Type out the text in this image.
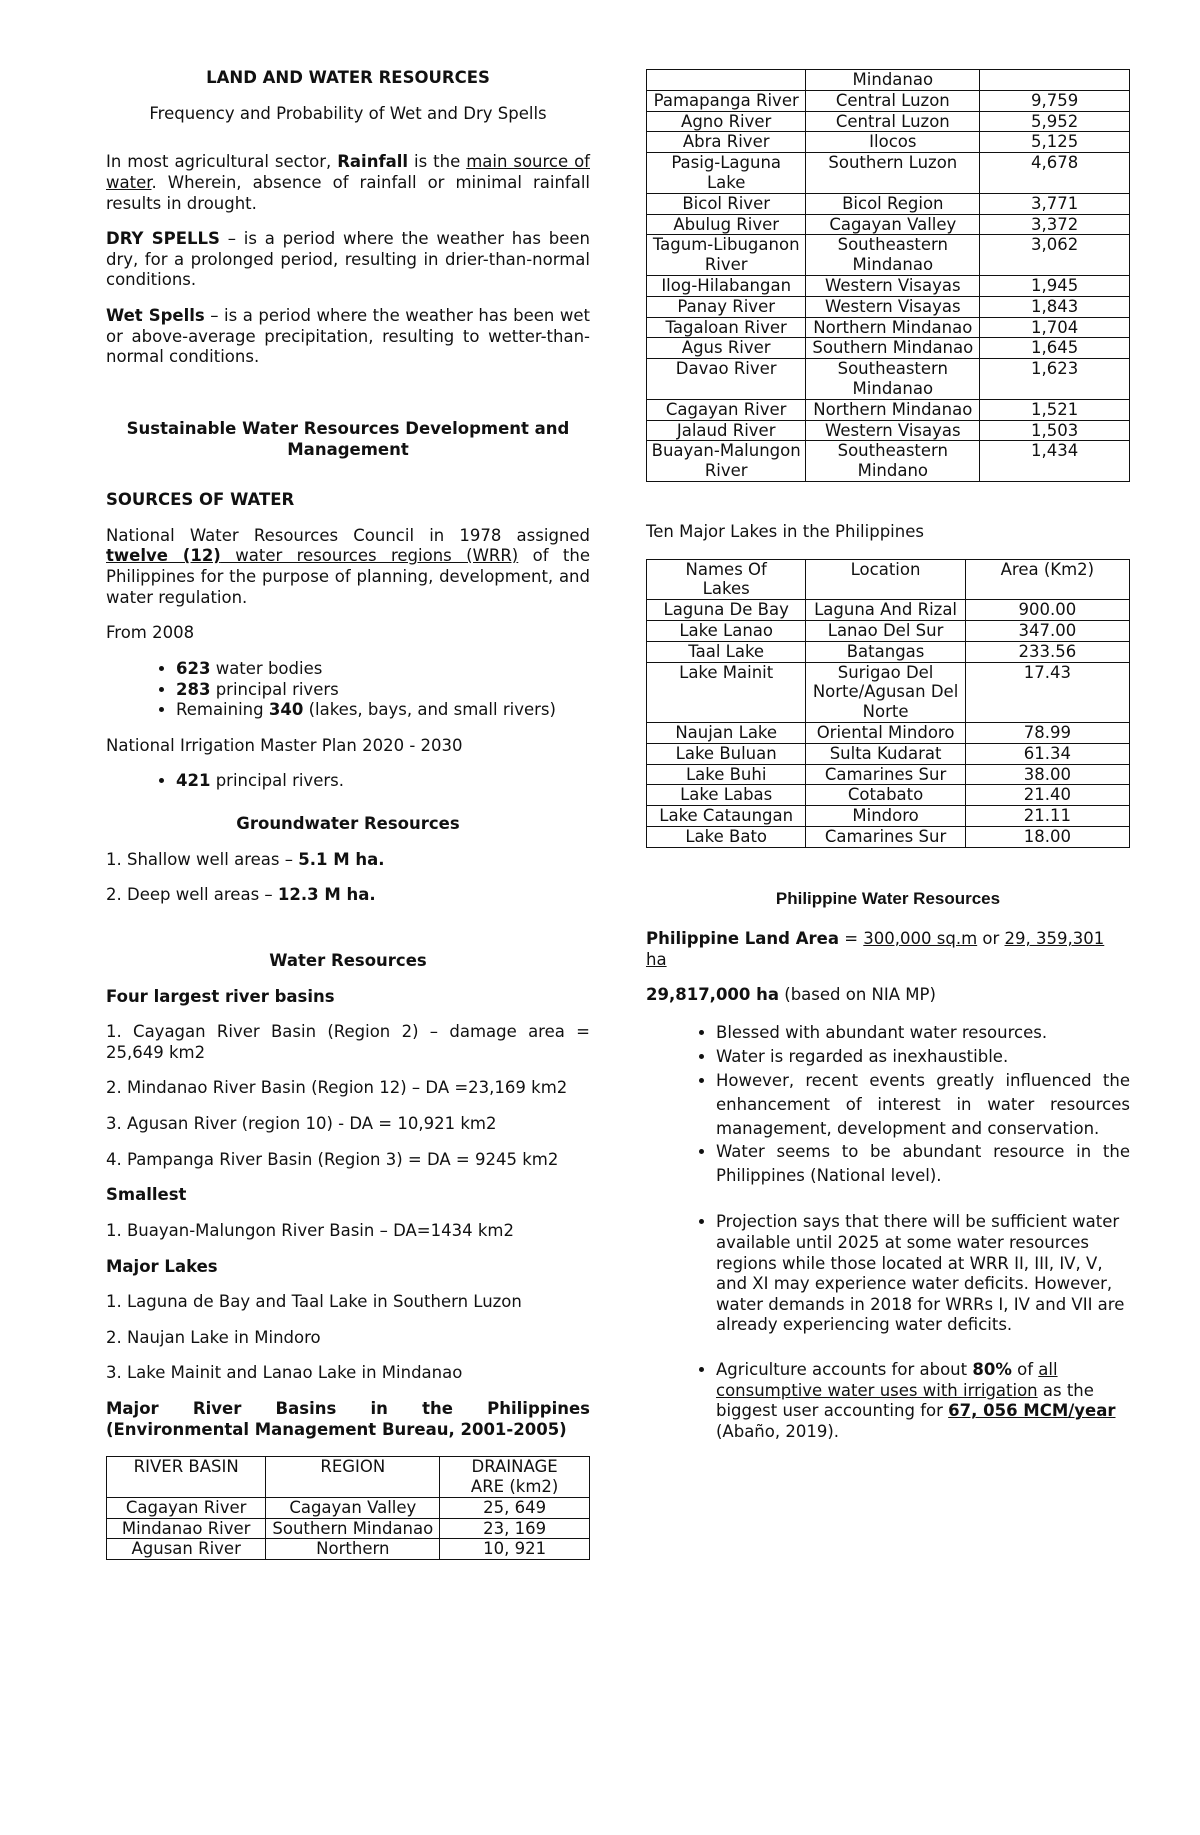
LAND AND WATER RESOURCES

Frequency and Probability of Wet and Dry Spells

In most agricultural sector, Rainfall is the main source of water. Wherein, absence of rainfall or minimal rainfall results in drought.

DRY SPELLS – is a period where the weather has been dry, for a prolonged period, resulting in drier-than-normal conditions.

Wet Spells – is a period where the weather has been wet or above-average precipitation, resulting to wetter-than-normal conditions.

Sustainable Water Resources Development and Management

SOURCES OF WATER

National Water Resources Council in 1978 assigned twelve (12) water resources regions (WRR) of the Philippines for the purpose of planning, development, and water regulation.

From 2008

• 623 water bodies
• 283 principal rivers
• Remaining 340 (lakes, bays, and small rivers)

National Irrigation Master Plan 2020 - 2030

• 421 principal rivers.

Groundwater Resources

1. Shallow well areas – 5.1 M ha.

2. Deep well areas – 12.3 M ha.

Water Resources

Four largest river basins

1. Cayagan River Basin (Region 2) – damage area = 25,649 km2

2. Mindanao River Basin (Region 12) – DA =23,169 km2

3. Agusan River (region 10) - DA = 10,921 km2

4. Pampanga River Basin (Region 3) = DA = 9245 km2

Smallest

1. Buayan-Malungon River Basin – DA=1434 km2

Major Lakes

1. Laguna de Bay and Taal Lake in Southern Luzon

2. Naujan Lake in Mindoro

3. Lake Mainit and Lanao Lake in Mindanao

Major River Basins in the Philippines (Environmental Management Bureau, 2001-2005)

RIVER BASIN	REGION	DRAINAGE ARE (km2)
Cagayan River	Cagayan Valley	25, 649
Mindanao River	Southern Mindanao	23, 169
Agusan River	Northern	10, 921
	Mindanao	
Pamapanga River	Central Luzon	9,759
Agno River	Central Luzon	5,952
Abra River	Ilocos	5,125
Pasig-Laguna Lake	Southern Luzon	4,678
Bicol River	Bicol Region	3,771
Abulug River	Cagayan Valley	3,372
Tagum-Libuganon River	Southeastern Mindanao	3,062
Ilog-Hilabangan	Western Visayas	1,945
Panay River	Western Visayas	1,843
Tagaloan River	Northern Mindanao	1,704
Agus River	Southern Mindanao	1,645
Davao River	Southeastern Mindanao	1,623
Cagayan River	Northern Mindanao	1,521
Jalaud River	Western Visayas	1,503
Buayan-Malungon River	Southeastern Mindano	1,434

Ten Major Lakes in the Philippines

Names Of Lakes	Location	Area (Km2)
Laguna De Bay	Laguna And Rizal	900.00
Lake Lanao	Lanao Del Sur	347.00
Taal Lake	Batangas	233.56
Lake Mainit	Surigao Del Norte/Agusan Del Norte	17.43
Naujan Lake	Oriental Mindoro	78.99
Lake Buluan	Sulta Kudarat	61.34
Lake Buhi	Camarines Sur	38.00
Lake Labas	Cotabato	21.40
Lake Cataungan	Mindoro	21.11
Lake Bato	Camarines Sur	18.00

Philippine Water Resources

Philippine Land Area = 300,000 sq.m or 29, 359,301 ha

29,817,000 ha (based on NIA MP)

• Blessed with abundant water resources.
• Water is regarded as inexhaustible.
• However, recent events greatly influenced the enhancement of interest in water resources management, development and conservation.
• Water seems to be abundant resource in the Philippines (National level).
• Projection says that there will be sufficient water available until 2025 at some water resources regions while those located at WRR II, III, IV, V, and XI may experience water deficits. However, water demands in 2018 for WRRs I, IV and VII are already experiencing water deficits.
• Agriculture accounts for about 80% of all consumptive water uses with irrigation as the biggest user accounting for 67, 056 MCM/year (Abaño, 2019).
